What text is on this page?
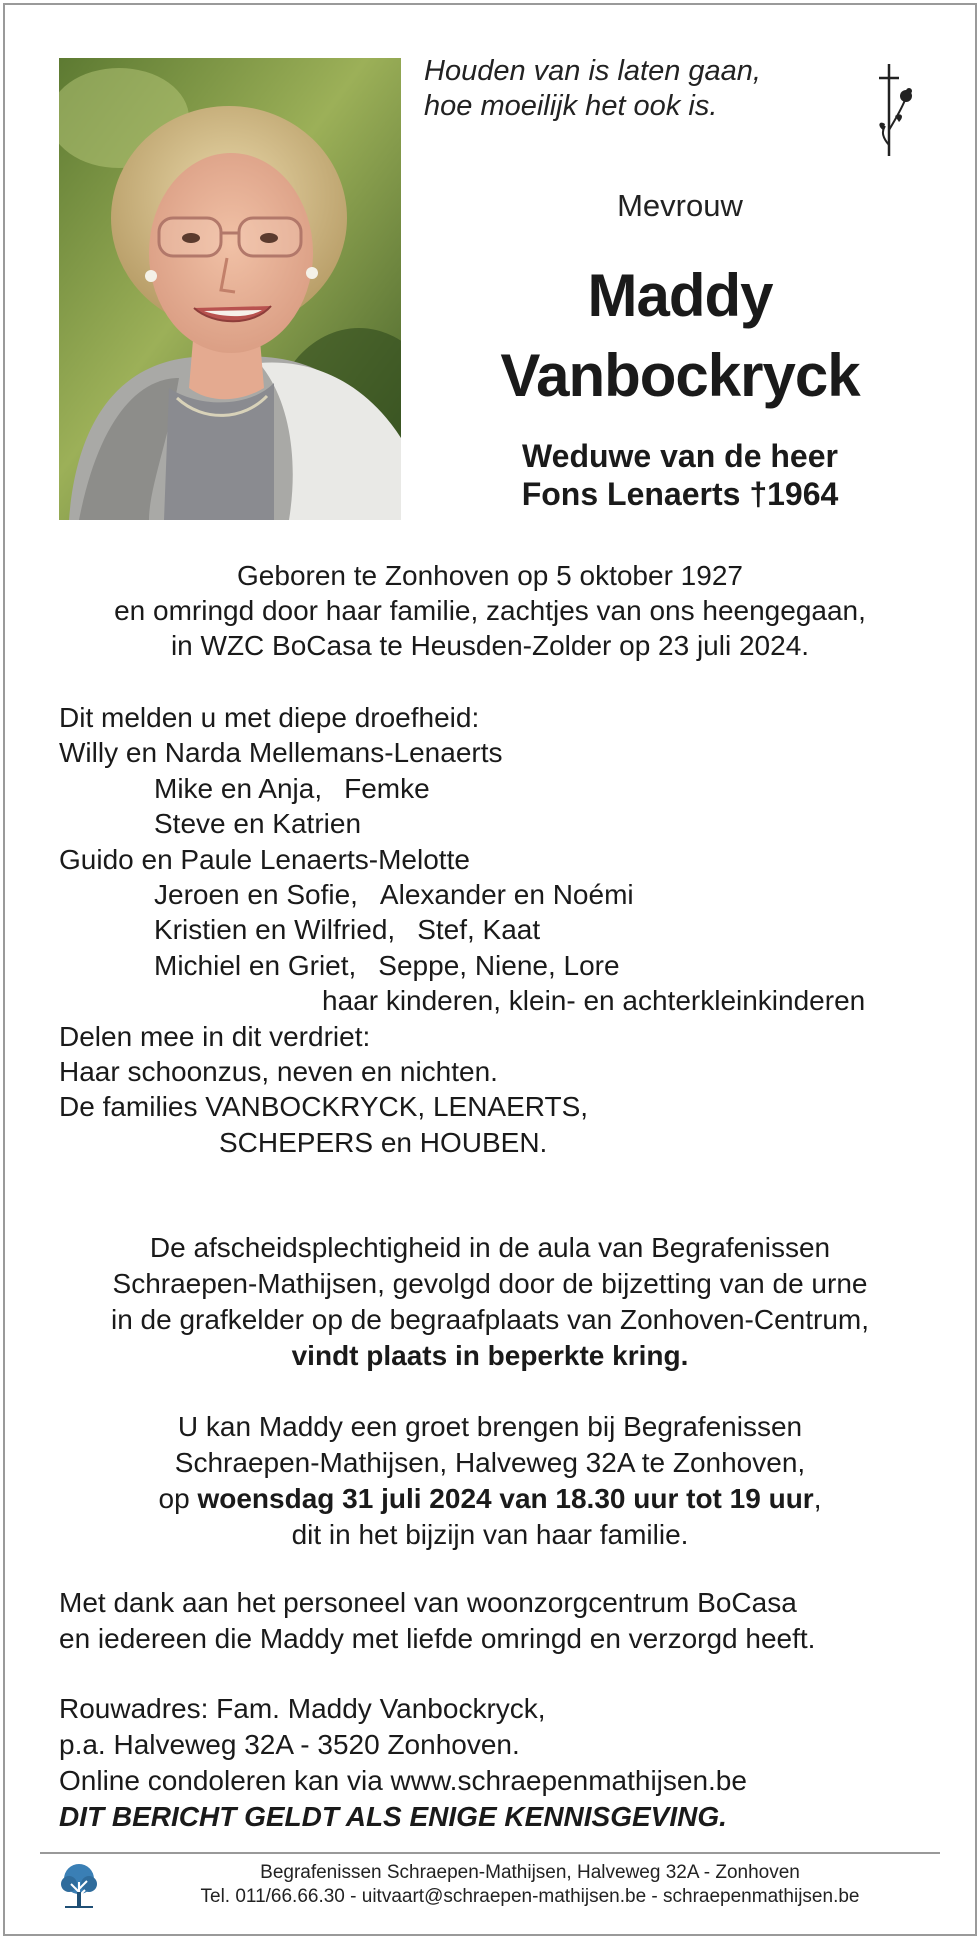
Houden van is laten gaan,
hoe moeilijk het ook is.
Mevrouw
Maddy
Vanbockryck
Weduwe van de heer
Fons Lenaerts †1964
Geboren te Zonhoven op 5 oktober 1927
en omringd door haar familie, zachtjes van ons heengegaan,
in WZC BoCasa te Heusden-Zolder op 23 juli 2024.
Dit melden u met diepe droefheid:
Willy en Narda Mellemans-Lenaerts
Mike en Anja, Femke
Steve en Katrien
Guido en Paule Lenaerts-Melotte
Jeroen en Sofie, Alexander en Noémi
Kristien en Wilfried, Stef, Kaat
Michiel en Griet, Seppe, Niene, Lore
haar kinderen, klein- en achterkleinkinderen
Delen mee in dit verdriet:
Haar schoonzus, neven en nichten.
De families VANBOCKRYCK, LENAERTS,
SCHEPERS en HOUBEN.
De afscheidsplechtigheid in de aula van Begrafenissen
Schraepen-Mathijsen, gevolgd door de bijzetting van de urne
in de grafkelder op de begraafplaats van Zonhoven-Centrum,
vindt plaats in beperkte kring.
U kan Maddy een groet brengen bij Begrafenissen
Schraepen-Mathijsen, Halveweg 32A te Zonhoven,
op woensdag 31 juli 2024 van 18.30 uur tot 19 uur,
dit in het bijzijn van haar familie.
Met dank aan het personeel van woonzorgcentrum BoCasa
en iedereen die Maddy met liefde omringd en verzorgd heeft.
Rouwadres: Fam. Maddy Vanbockryck,
p.a. Halveweg 32A - 3520 Zonhoven.
Online condoleren kan via www.schraepenmathijsen.be
DIT BERICHT GELDT ALS ENIGE KENNISGEVING.
Begrafenissen Schraepen-Mathijsen, Halveweg 32A - Zonhoven
Tel. 011/66.66.30 - uitvaart@schraepen-mathijsen.be - schraepenmathijsen.be
